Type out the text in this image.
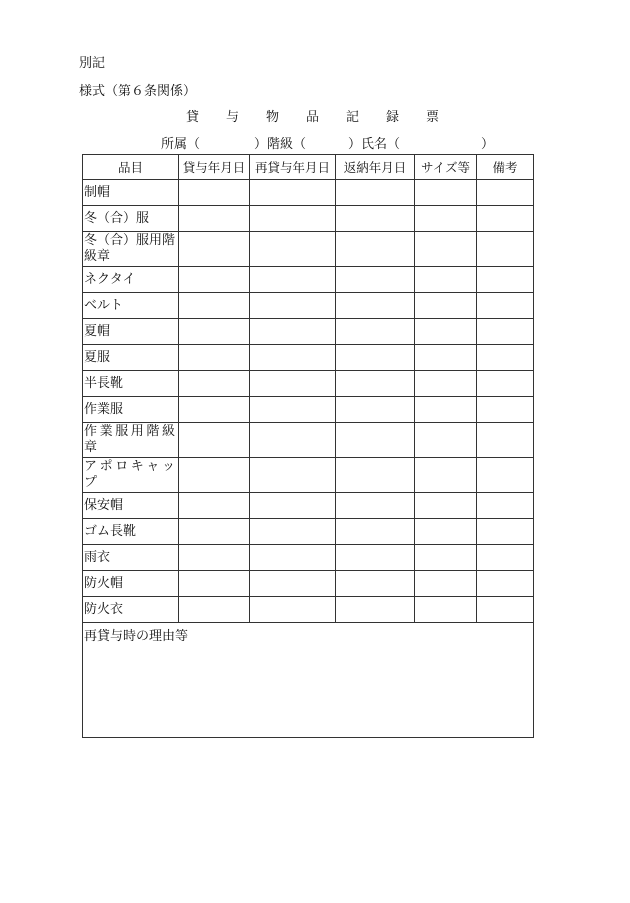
別記
様式（第６条関係）
貸 与 物 品 記 録 票
所属（	）階級（	）氏名（	）
品目	貸与年月日	再貸与年月日	返納年月日	サイズ等	備考
制帽					
冬（合）服					
冬（合）服用階級章					
ネクタイ					
ベルト					
夏帽					
夏服					
半長靴					
作業服					
作業服用階級章					
アポロキャップ					
保安帽					
ゴム長靴					
雨衣					
防火帽					
防火衣					
再貸与時の理由等					
